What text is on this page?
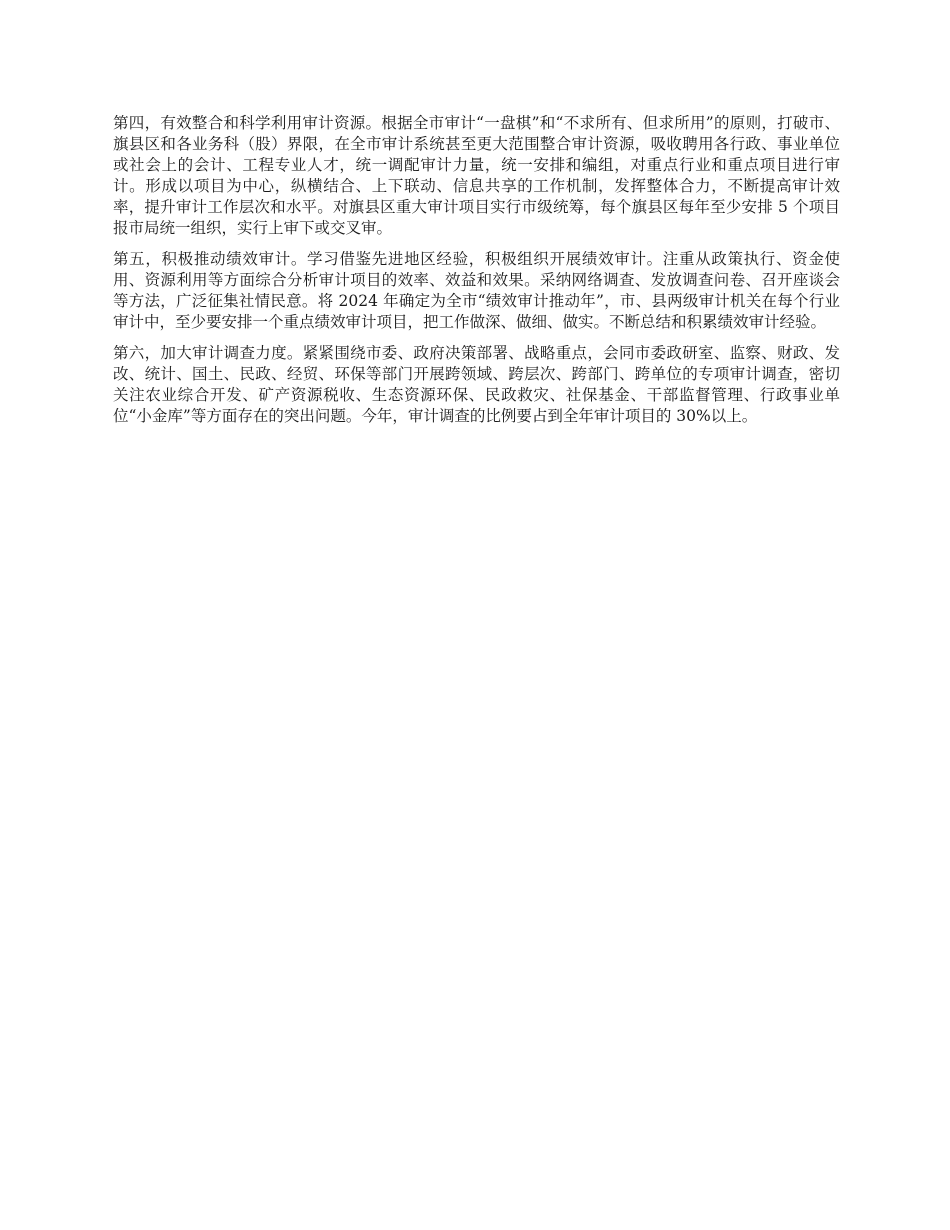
第四，有效整合和科学利用审计资源。根据全市审计“一盘棋”和“不求所有、但求所用”的原则，打破市、旗县区和各业务科（股）界限，在全市审计系统甚至更大范围整合审计资源，吸收聘用各行政、事业单位或社会上的会计、工程专业人才，统一调配审计力量，统一安排和编组，对重点行业和重点项目进行审计。形成以项目为中心，纵横结合、上下联动、信息共享的工作机制，发挥整体合力，不断提高审计效率，提升审计工作层次和水平。对旗县区重大审计项目实行市级统筹，每个旗县区每年至少安排 5 个项目报市局统一组织，实行上审下或交叉审。

第五，积极推动绩效审计。学习借鉴先进地区经验，积极组织开展绩效审计。注重从政策执行、资金使用、资源利用等方面综合分析审计项目的效率、效益和效果。采纳网络调查、发放调查问卷、召开座谈会等方法，广泛征集社情民意。将 2024 年确定为全市“绩效审计推动年”，市、县两级审计机关在每个行业审计中，至少要安排一个重点绩效审计项目，把工作做深、做细、做实。不断总结和积累绩效审计经验。

第六，加大审计调查力度。紧紧围绕市委、政府决策部署、战略重点，会同市委政研室、监察、财政、发改、统计、国土、民政、经贸、环保等部门开展跨领域、跨层次、跨部门、跨单位的专项审计调查，密切关注农业综合开发、矿产资源税收、生态资源环保、民政救灾、社保基金、干部监督管理、行政事业单位“小金库”等方面存在的突出问题。今年，审计调查的比例要占到全年审计项目的 30%以上。
